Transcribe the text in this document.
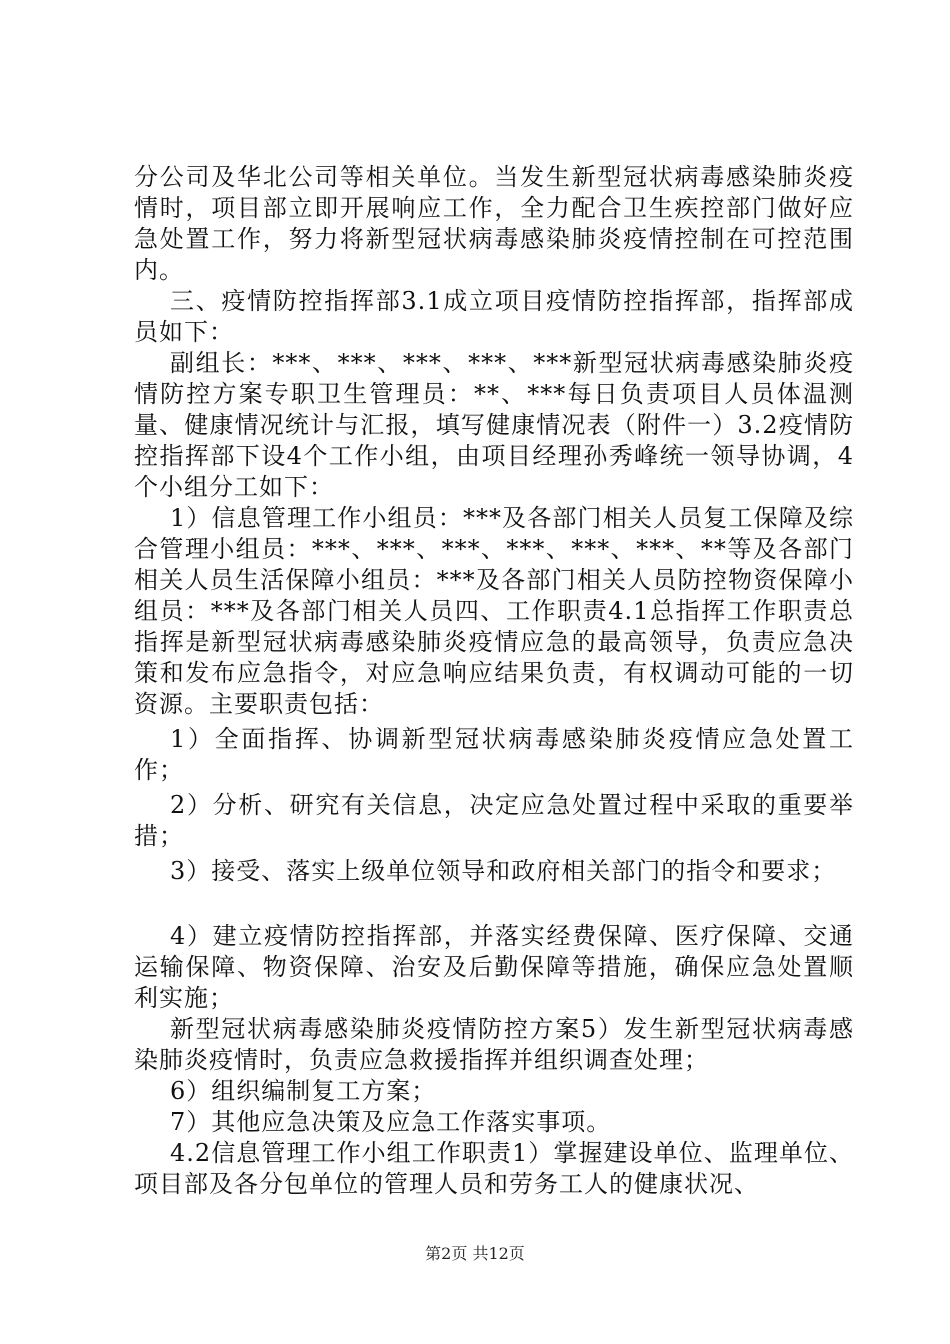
分公司及华北公司等相关单位。当发生新型冠状病毒感染肺炎疫情时，项目部立即开展响应工作，全力配合卫生疾控部门做好应急处置工作，努力将新型冠状病毒感染肺炎疫情控制在可控范围内。

三、疫情防控指挥部3.1成立项目疫情防控指挥部，指挥部成员如下：

副组长：***、***、***、***、***新型冠状病毒感染肺炎疫情防控方案专职卫生管理员：**、***每日负责项目人员体温测量、健康情况统计与汇报，填写健康情况表（附件一）3.2疫情防控指挥部下设4个工作小组，由项目经理孙秀峰统一领导协调，4个小组分工如下：

1）信息管理工作小组员：***及各部门相关人员复工保障及综合管理小组员：***、***、***、***、***、***、**等及各部门相关人员生活保障小组员：***及各部门相关人员防控物资保障小组员：***及各部门相关人员四、工作职责4.1总指挥工作职责总指挥是新型冠状病毒感染肺炎疫情应急的最高领导，负责应急决策和发布应急指令，对应急响应结果负责，有权调动可能的一切资源。主要职责包括：

1）全面指挥、协调新型冠状病毒感染肺炎疫情应急处置工作；

2）分析、研究有关信息，决定应急处置过程中采取的重要举措；

3）接受、落实上级单位领导和政府相关部门的指令和要求；

4）建立疫情防控指挥部，并落实经费保障、医疗保障、交通运输保障、物资保障、治安及后勤保障等措施，确保应急处置顺利实施；

新型冠状病毒感染肺炎疫情防控方案5）发生新型冠状病毒感染肺炎疫情时，负责应急救援指挥并组织调查处理；

6）组织编制复工方案；

7）其他应急决策及应急工作落实事项。

4.2信息管理工作小组工作职责1）掌握建设单位、监理单位、项目部及各分包单位的管理人员和劳务工人的健康状况、

第2页 共12页
